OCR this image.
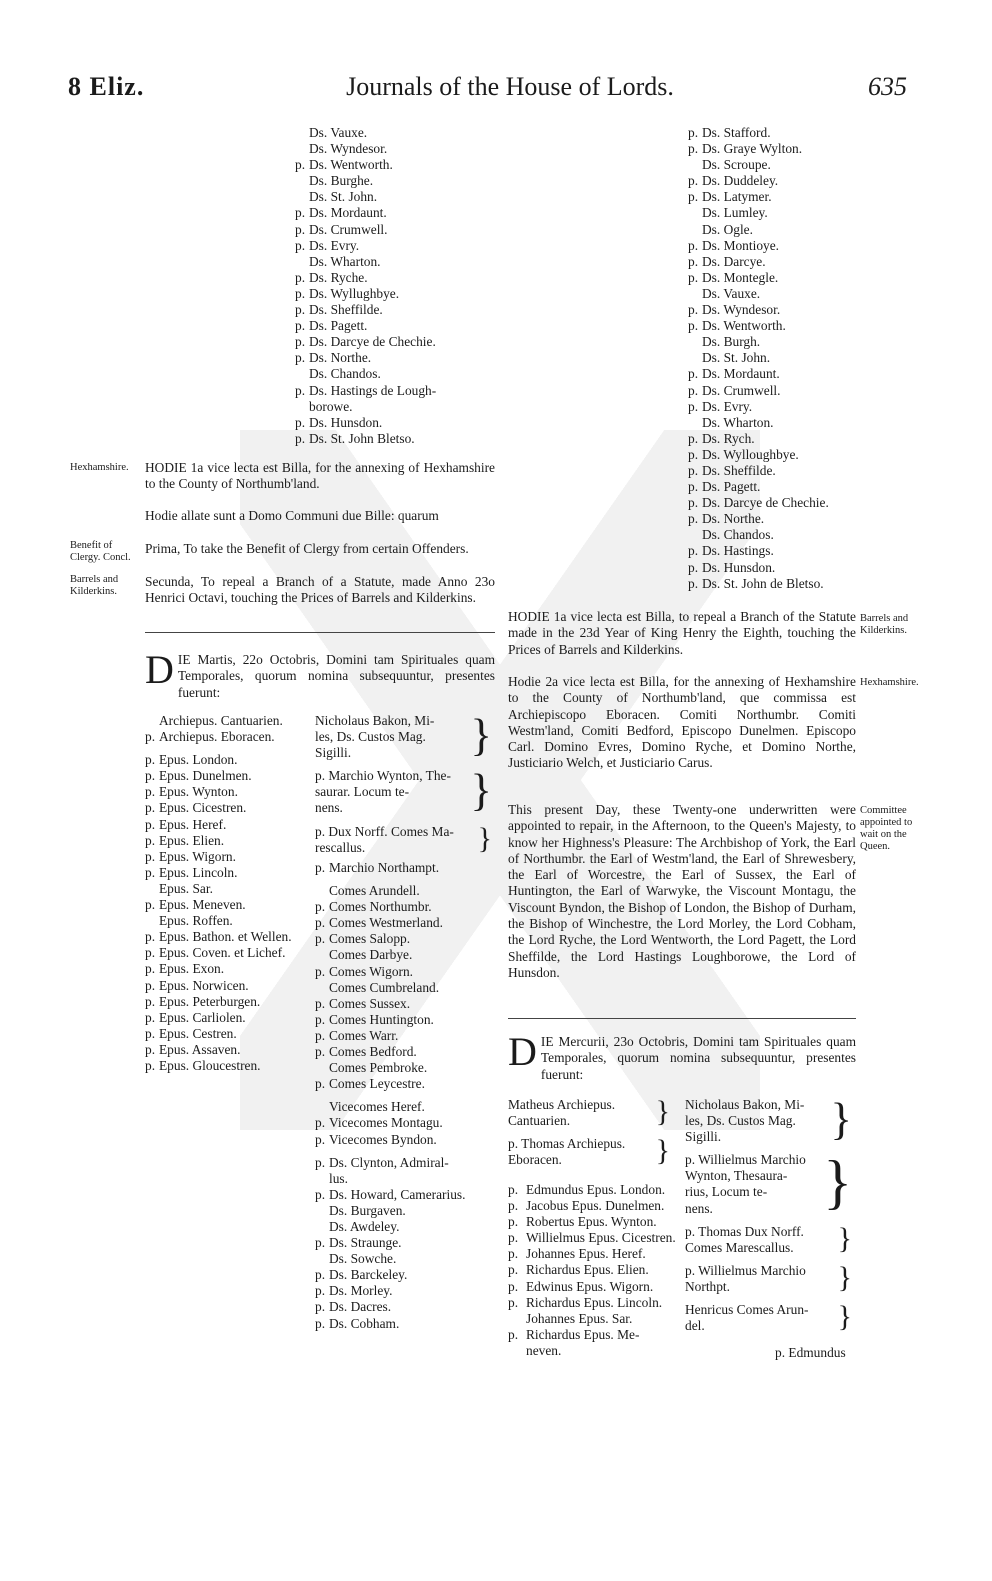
8 Eliz.	Journals of the House of Lords.	635
Ds. Vauxe.
Ds. Wyndesor.
p. Ds. Wentworth.
Ds. Burghe.
Ds. St. John.
p. Ds. Mordaunt.
p. Ds. Crumwell.
p. Ds. Evry.
Ds. Wharton.
p. Ds. Ryche.
p. Ds. Wyllughbye.
p. Ds. Sheffilde.
p. Ds. Pagett.
p. Ds. Darcye de Chechie.
p. Ds. Northe.
Ds. Chandos.
p. Ds. Hastings de Lough-
borowe.
p. Ds. Hunsdon.
p. Ds. St. John Bletso.
Hexhamshire.
Benefit of Clergy. Concl.
Barrels and Kilderkins.
HODIE 1a vice lecta est Billa, for the annexing of Hexhamshire to the County of Northumb'land.
Hodie allate sunt a Domo Communi due Bille: quarum
Prima, To take the Benefit of Clergy from certain Offenders.
Secunda, To repeal a Branch of a Statute, made Anno 23o Henrici Octavi, touching the Prices of Barrels and Kilderkins.
DIE Martis, 22o Octobris, Domini tam Spirituales quam Temporales, quorum nomina subsequuntur, presentes fuerunt:
Archiepus. Cantuarien.
p. Archiepus. Eboracen.
p. Epus. London.
p. Epus. Dunelmen.
p. Epus. Wynton.
p. Epus. Cicestren.
p. Epus. Heref.
p. Epus. Elien.
p. Epus. Wigorn.
p. Epus. Lincoln.
Epus. Sar.
p. Epus. Meneven.
Epus. Roffen.
p. Epus. Bathon. et Wellen.
p. Epus. Coven. et Lichef.
p. Epus. Exon.
p. Epus. Norwicen.
p. Epus. Peterburgen.
p. Epus. Carliolen.
p. Epus. Cestren.
p. Epus. Assaven.
p. Epus. Gloucestren.
Nicholaus Bakon, Mi-
les, Ds. Custos Mag.
Sigilli.	}
p. Marchio Wynton, The-
saurar. Locum te-
nens.	}
p. Dux Norff. Comes Ma-
rescallus.	}
p. Marchio Northampt.
Comes Arundell.
p. Comes Northumbr.
p. Comes Westmerland.
p. Comes Salopp.
Comes Darbye.
p. Comes Wigorn.
Comes Cumbreland.
p. Comes Sussex.
p. Comes Huntington.
p. Comes Warr.
p. Comes Bedford.
Comes Pembroke.
p. Comes Leycestre.
Vicecomes Heref.
p. Vicecomes Montagu.
p. Vicecomes Byndon.
p. Ds. Clynton, Admiral-
lus.
p. Ds. Howard, Camerarius.
Ds. Burgaven.
Ds. Awdeley.
p. Ds. Straunge.
Ds. Sowche.
p. Ds. Barckeley.
p. Ds. Morley.
p. Ds. Dacres.
p. Ds. Cobham.
p. Ds. Stafford.
p. Ds. Graye Wylton.
Ds. Scroupe.
p. Ds. Duddeley.
p. Ds. Latymer.
Ds. Lumley.
Ds. Ogle.
p. Ds. Montioye.
p. Ds. Darcye.
p. Ds. Montegle.
Ds. Vauxe.
p. Ds. Wyndesor.
p. Ds. Wentworth.
Ds. Burgh.
Ds. St. John.
p. Ds. Mordaunt.
p. Ds. Crumwell.
p. Ds. Evry.
Ds. Wharton.
p. Ds. Rych.
p. Ds. Wylloughbye.
p. Ds. Sheffilde.
p. Ds. Pagett.
p. Ds. Darcye de Chechie.
p. Ds. Northe.
Ds. Chandos.
p. Ds. Hastings.
p. Ds. Hunsdon.
p. Ds. St. John de Bletso.
Barrels and Kilderkins.
Hexhamshire.
Committee appointed to wait on the Queen.
HODIE 1a vice lecta est Billa, to repeal a Branch of the Statute made in the 23d Year of King Henry the Eighth, touching the Prices of Barrels and Kilderkins.
Hodie 2a vice lecta est Billa, for the annexing of Hexhamshire to the County of Northumb'land, que commissa est Archiepiscopo Eboracen. Comiti Northumbr. Comiti Westm'land, Comiti Bedford, Episcopo Dunelmen. Episcopo Carl. Domino Evres, Domino Ryche, et Domino Northe, Justiciario Welch, et Justiciario Carus.
This present Day, these Twenty-one underwritten were appointed to repair, in the Afternoon, to the Queen's Majesty, to know her Highness's Pleasure: The Archbishop of York, the Earl of Northumbr. the Earl of Westm'land, the Earl of Shrewesbery, the Earl of Worcestre, the Earl of Sussex, the Earl of Huntington, the Earl of Warwyke, the Viscount Montagu, the Viscount Byndon, the Bishop of London, the Bishop of Durham, the Bishop of Winchestre, the Lord Morley, the Lord Cobham, the Lord Ryche, the Lord Wentworth, the Lord Pagett, the Lord Sheffilde, the Lord Hastings Loughborowe, the Lord of Hunsdon.
DIE Mercurii, 23o Octobris, Domini tam Spirituales quam Temporales, quorum nomina subsequuntur, presentes fuerunt:
Matheus Archiepus.
Cantuarien.	}
p. Thomas Archiepus.
Eboracen.	}
p. Edmundus Epus. London.
p. Jacobus Epus. Dunelmen.
p. Robertus Epus. Wynton.
p. Willielmus Epus. Cicestren.
p. Johannes Epus. Heref.
p. Richardus Epus. Elien.
p. Edwinus Epus. Wigorn.
p. Richardus Epus. Lincoln.
Johannes Epus. Sar.
p. Richardus Epus. Me-
neven.
Nicholaus Bakon, Mi-
les, Ds. Custos Mag.
Sigilli.	}
p. Willielmus Marchio
Wynton, Thesaura-
rius, Locum te-
nens.	}
p. Thomas Dux Norff.
Comes Marescallus.	}
p. Willielmus Marchio
Northpt.	}
Henricus Comes Arun-
del.	}
p. Edmundus
